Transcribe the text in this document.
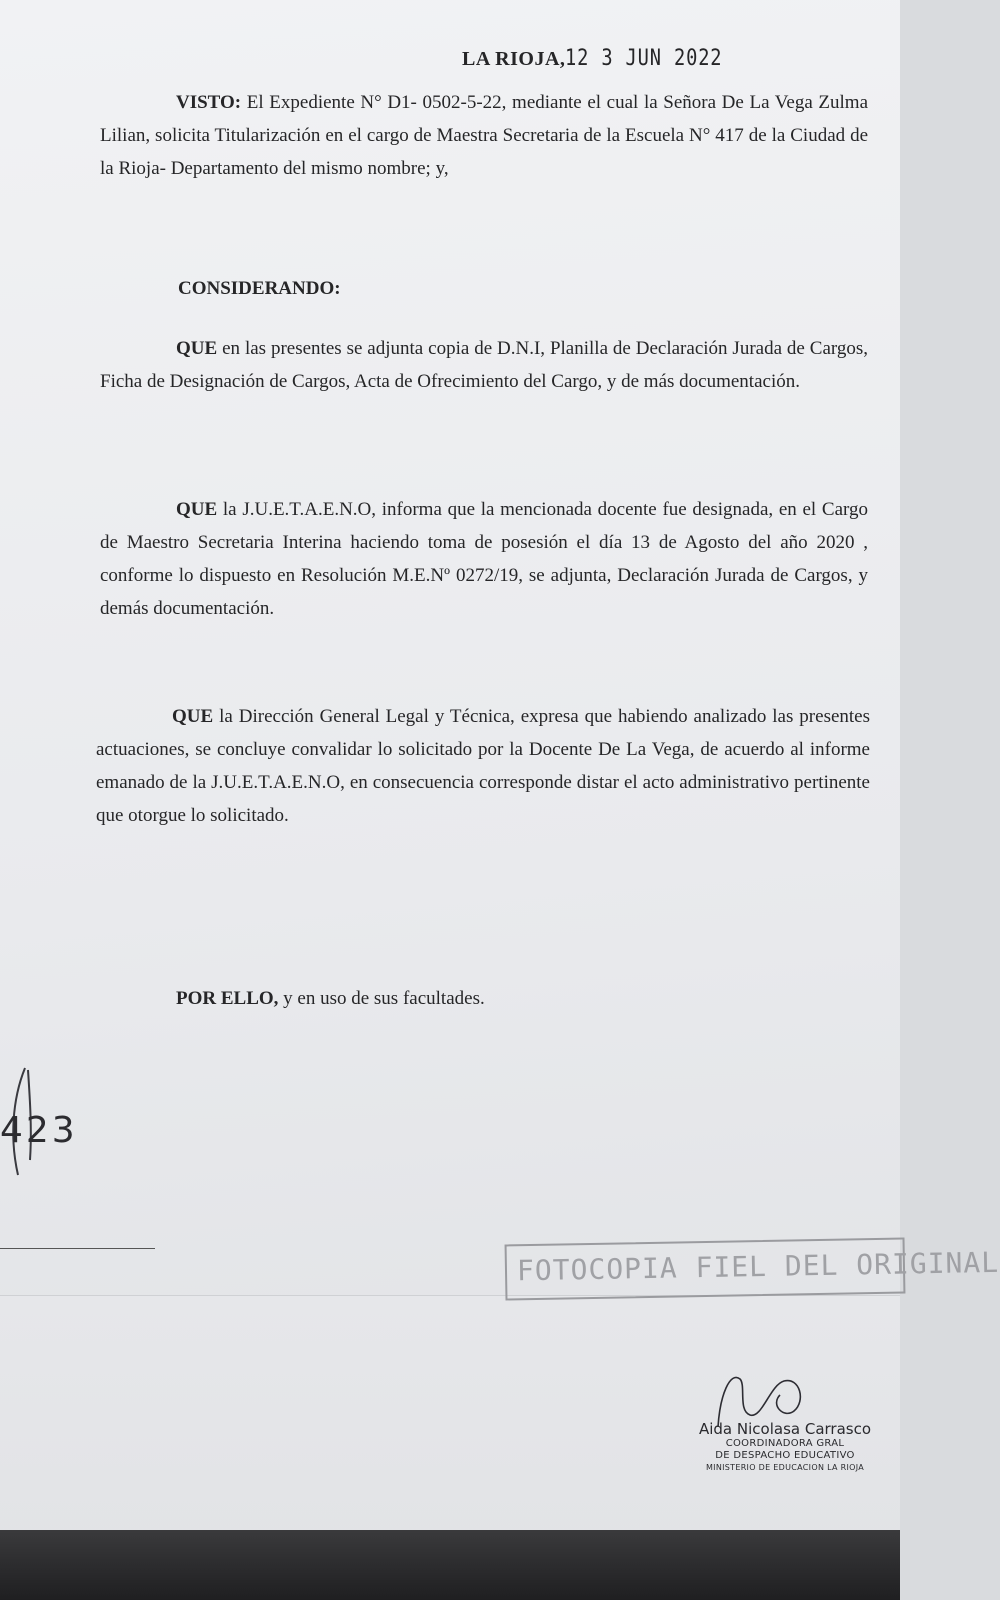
LA RIOJA,12 3 JUN 2022

VISTO: El Expediente N° D1- 0502-5-22, mediante el cual la Señora De La Vega Zulma Lilian, solicita Titularización en el cargo de Maestra Secretaria de la Escuela N° 417 de la Ciudad de la Rioja- Departamento del mismo nombre; y,

CONSIDERANDO:

QUE en las presentes se adjunta copia de D.N.I, Planilla de Declaración Jurada de Cargos, Ficha de Designación de Cargos, Acta de Ofrecimiento del Cargo, y de más documentación.

QUE la J.U.E.T.A.E.N.O, informa que la mencionada docente fue designada, en el Cargo de Maestro Secretaria Interina haciendo toma de posesión el día 13 de Agosto del año 2020 , conforme lo dispuesto en Resolución M.E.Nº 0272/19, se adjunta, Declaración Jurada de Cargos, y demás documentación.

QUE la Dirección General Legal y Técnica, expresa que habiendo analizado las presentes actuaciones, se concluye convalidar lo solicitado por la Docente De La Vega, de acuerdo al informe emanado de la J.U.E.T.A.E.N.O, en consecuencia corresponde distar el acto administrativo pertinente que otorgue lo solicitado.

POR ELLO, y en uso de sus facultades.

423
FOTOCOPIA FIEL DEL ORIGINAL

Aida Nicolasa Carrasco

COORDINADORA GRAL

DE DESPACHO EDUCATIVO

MINISTERIO DE EDUCACION LA RIOJA
